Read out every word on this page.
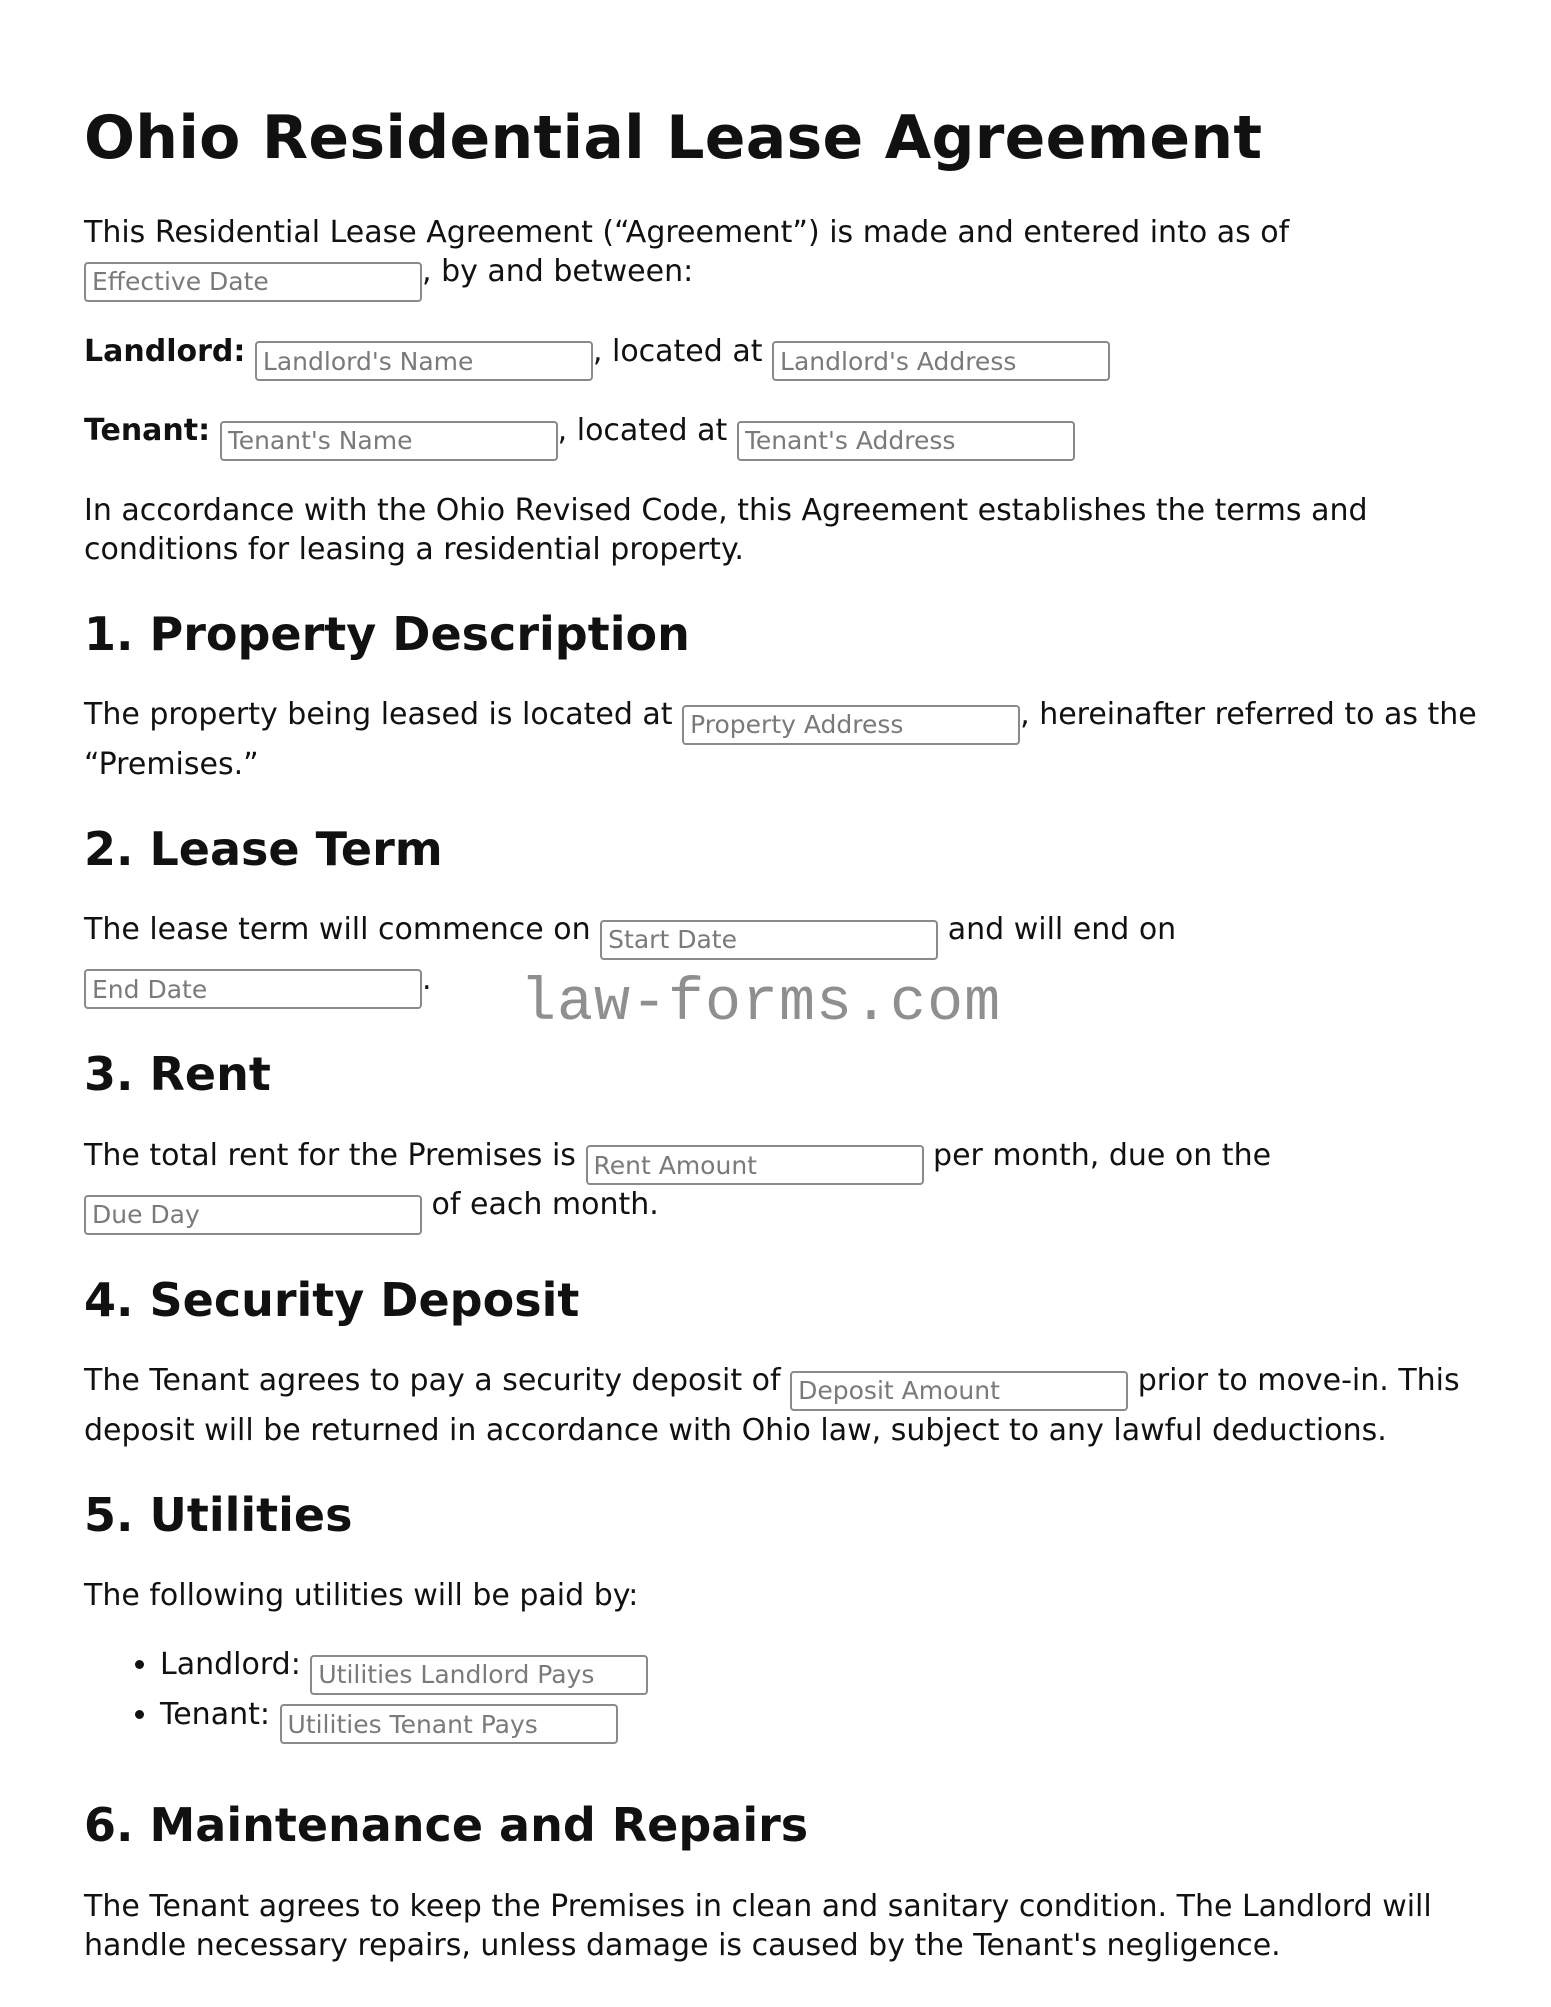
Ohio Residential Lease Agreement

This Residential Lease Agreement (“Agreement”) is made and entered into as of
Effective Date, by and between:

Landlord: Landlord's Name	, located at Landlord's Address
Tenant: Tenant's Name	, located at Tenant's Address

In accordance with the Ohio Revised Code, this Agreement establishes the terms and conditions for leasing a residential property.

1. Property Description

The property being leased is located at Property Address	, hereinafter referred to as the “Premises.”

2. Lease Term

The lease term will commence on Start Date	and will end on
End Date.

3. Rent

The total rent for the Premises is Rent Amount	per month, due on the
Due Day of each month.

4. Security Deposit

The Tenant agrees to pay a security deposit of Deposit Amount	prior to move-in. This deposit will be returned in accordance with Ohio law, subject to any lawful deductions.

5. Utilities

The following utilities will be paid by:

• Landlord: Utilities Landlord Pays
• Tenant: Utilities Tenant Pays
6. Maintenance and Repairs

The Tenant agrees to keep the Premises in clean and sanitary condition. The Landlord will handle necessary repairs, unless damage is caused by the Tenant's negligence.

law-forms.com
